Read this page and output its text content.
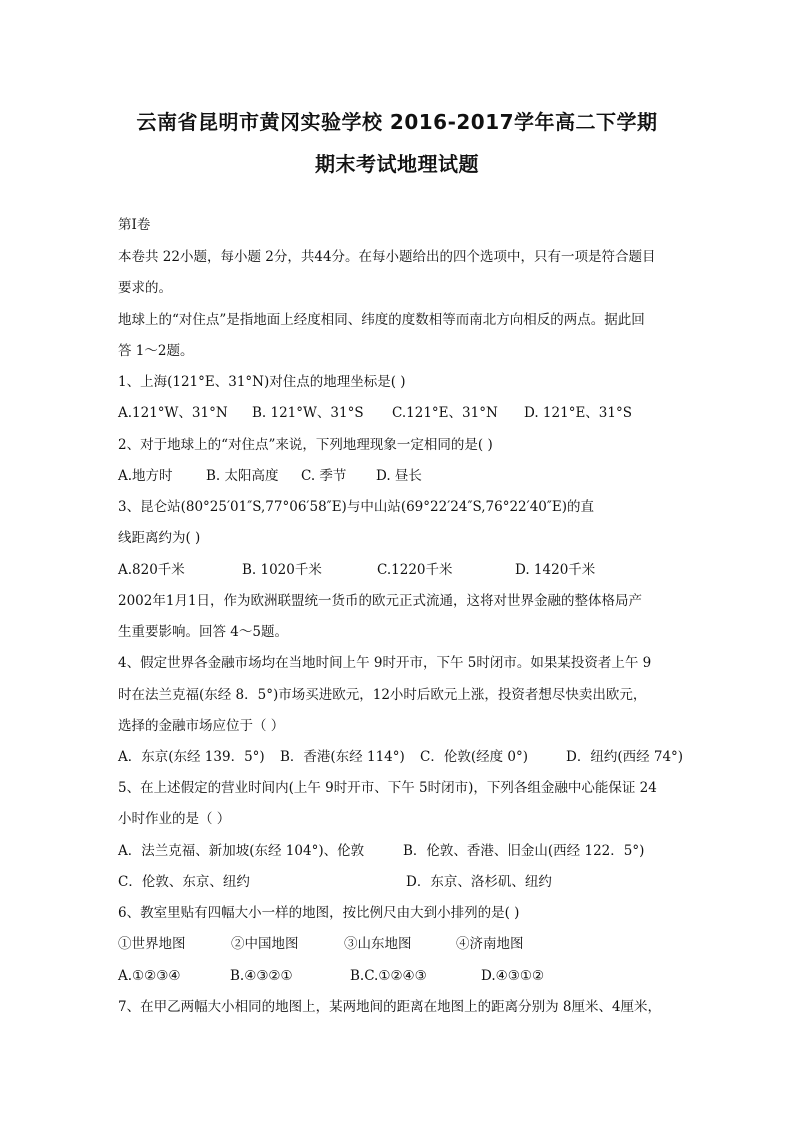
云南省昆明市黄冈实验学校 2016-2017学年高二下学期
期末考试地理试题
第I卷
本卷共 22小题，每小题 2分，共44分。在每小题给出的四个选项中，只有一项是符合题目
要求的。
地球上的“对住点”是指地面上经度相同、纬度的度数相等而南北方向相反的两点。据此回
答 1～2题。
1、上海(121°E、31°N)对住点的地理坐标是( )
A.121°W、31°N	B. 121°W、31°S	C.121°E、31°N	D. 121°E、31°S
2、对于地球上的“对住点”来说，下列地理现象一定相同的是( )
A.地方时	B. 太阳高度	C. 季节	D. 昼长
3、昆仑站(80°25′01″S,77°06′58″E)与中山站(69°22′24″S,76°22′40″E)的直
线距离约为( )
A.820千米	B. 1020千米	C.1220千米	D. 1420千米
2002年1月1日，作为欧洲联盟统一货币的欧元正式流通，这将对世界金融的整体格局产
生重要影响。回答 4～5题。
4、假定世界各金融市场均在当地时间上午 9时开市，下午 5时闭市。如果某投资者上午 9
时在法兰克福(东经 8．5°)市场买进欧元，12小时后欧元上涨，投资者想尽快卖出欧元，
选择的金融市场应位于（ ）
A．东京(东经 139．5°)	B．香港(东经 114°)	C．伦敦(经度 0°)	D．纽约(西经 74°)
5、在上述假定的营业时间内(上午 9时开市、下午 5时闭市)，下列各组金融中心能保证 24
小时作业的是（ ）
A．法兰克福、新加坡(东经 104°)、伦敦	B．伦敦、香港、旧金山(西经 122．5°)
C．伦敦、东京、纽约	D．东京、洛杉矶、纽约
6、教室里贴有四幅大小一样的地图，按比例尺由大到小排列的是( )
①世界地图	②中国地图	③山东地图	④济南地图
A.①②③④	B.④③②①	B.C.①②④③	D.④③①②
7、在甲乙两幅大小相同的地图上，某两地间的距离在地图上的距离分别为 8厘米、4厘米，
